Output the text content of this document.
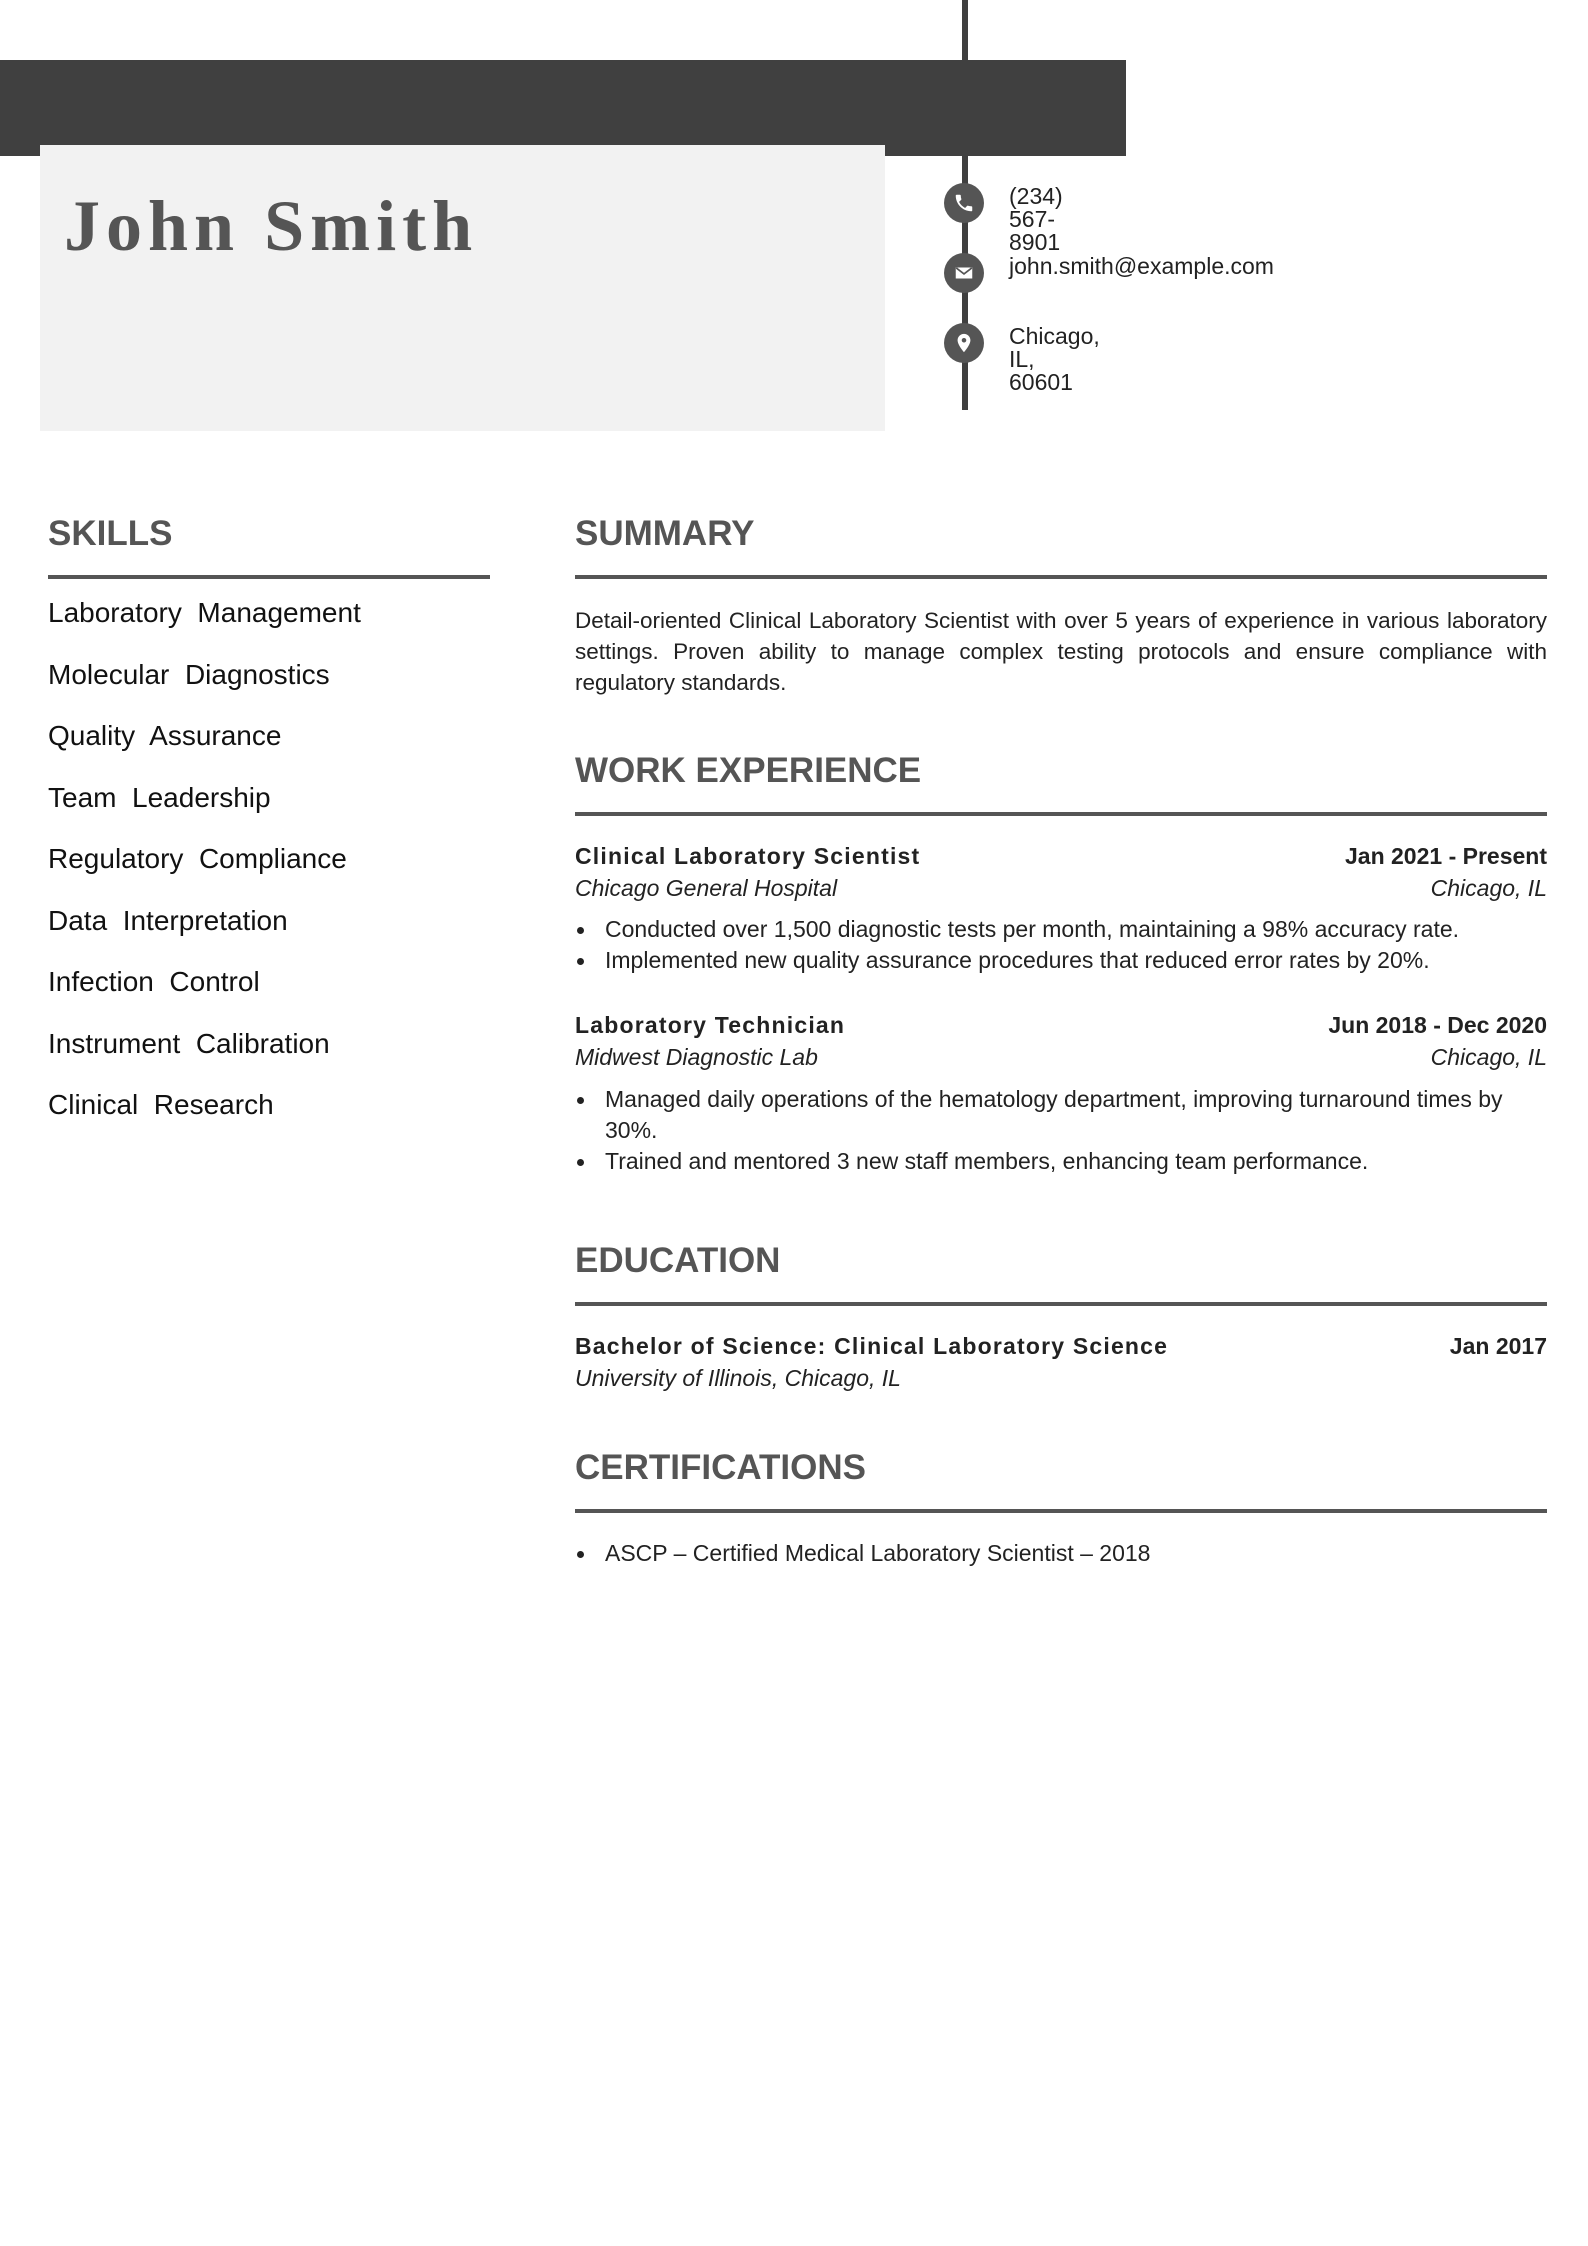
John Smith	(234) 567-8901
john.smith@example.com
Chicago, IL, 60601
SKILLS
Laboratory  Management
Molecular  Diagnostics
Quality  Assurance
Team  Leadership
Regulatory  Compliance
Data  Interpretation
Infection  Control
Instrument  Calibration
Clinical  Research
SUMMARY

Detail-oriented Clinical Laboratory Scientist with over 5 years of experience in various laboratory settings. Proven ability to manage complex testing protocols and ensure compliance with regulatory standards.

WORK EXPERIENCE
Clinical Laboratory Scientist	Jan 2021 - Present
Chicago General Hospital	Chicago, IL
Conducted over 1,500 diagnostic tests per month, maintaining a 98% accuracy rate.
Implemented new quality assurance procedures that reduced error rates by 20%.
Laboratory Technician	Jun 2018 - Dec 2020
Midwest Diagnostic Lab	Chicago, IL
Managed daily operations of the hematology department, improving turnaround times by 30%.
Trained and mentored 3 new staff members, enhancing team performance.
EDUCATION
Bachelor of Science: Clinical Laboratory Science	Jan 2017
University of Illinois, Chicago, IL
CERTIFICATIONS
ASCP – Certified Medical Laboratory Scientist – 2018
